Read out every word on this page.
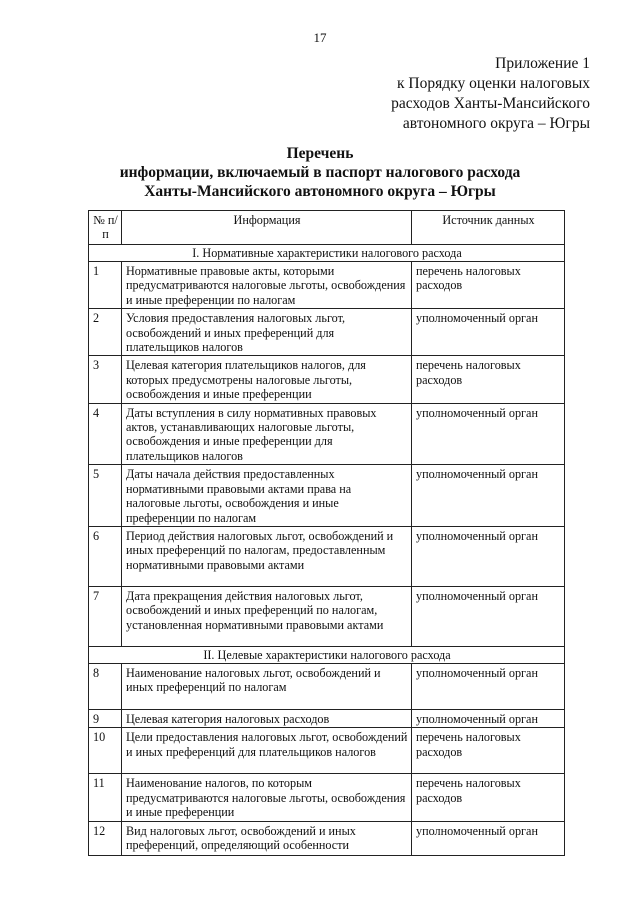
17
Приложение 1
к Порядку оценки налоговых
расходов Ханты-Мансийского
автономного округа – Югры
Перечень
информации, включаемый в паспорт налогового расхода
Ханты-Мансийского автономного округа – Югры
№ п/п	Информация	Источник данных
I. Нормативные характеристики налогового расхода		
1	Нормативные правовые акты, которыми предусматриваются налоговые льготы, освобождения и иные преференции по налогам	перечень налоговых расходов
2	Условия предоставления налоговых льгот, освобождений и иных преференций для плательщиков налогов	уполномоченный орган
3	Целевая категория плательщиков налогов, для которых предусмотрены налоговые льготы, освобождения и иные преференции	перечень налоговых расходов
4	Даты вступления в силу нормативных правовых актов, устанавливающих налоговые льготы, освобождения и иные преференции для плательщиков налогов	уполномоченный орган
5	Даты начала действия предоставленных нормативными правовыми актами права на налоговые льготы, освобождения и иные преференции по налогам	уполномоченный орган
6	Период действия налоговых льгот, освобождений и иных преференций по налогам, предоставленным нормативными правовыми актами	уполномоченный орган
7	Дата прекращения действия налоговых льгот, освобождений и иных преференций по налогам, установленная нормативными правовыми актами	уполномоченный орган
II. Целевые характеристики налогового расхода		
8	Наименование налоговых льгот, освобождений и иных преференций по налогам	уполномоченный орган
9	Целевая категория налоговых расходов	уполномоченный орган
10	Цели предоставления налоговых льгот, освобождений и иных преференций для плательщиков налогов	перечень налоговых расходов
11	Наименование налогов, по которым предусматриваются налоговые льготы, освобождения и иные преференции	перечень налоговых расходов
12	Вид налоговых льгот, освобождений и иных преференций, определяющий особенности	уполномоченный орган
